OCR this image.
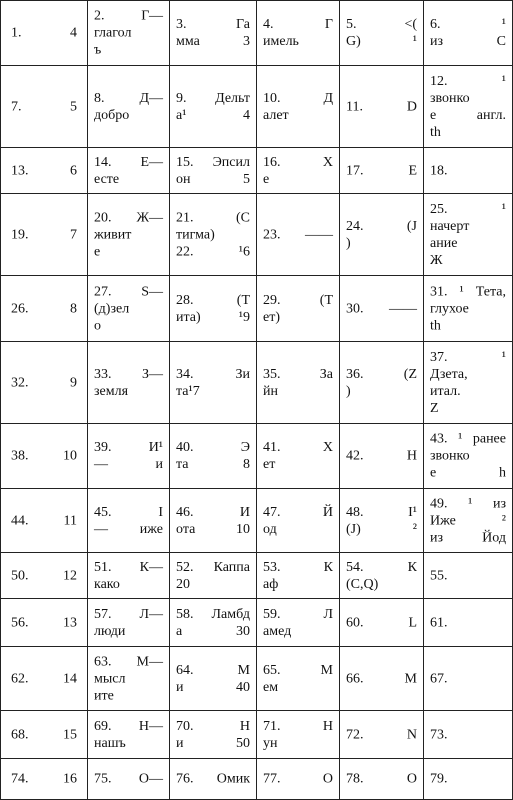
1. 4
2. Г—
глагол
ъ
3. Га
мма 3
4. Г
имель
5. <(
G) ¹
6. ¹
из С
7. 5
8. Д—
добро
9. Дельт
а¹ 4
10. Д
алет
11. D
12. ¹
звонко
е англ.
th
13. 6
14. Е—
есте
15. Эпсил
он 5
16. Х
е
17. Е 18.
19. 7
20. Ж—
живит
е
21. (С
тигма)
22. ¹6
23. ——
24. (J
)
25. ¹
начерт
ание
Ж
26. 8
27. S—
(д)зел
о
28. (Т
ита) ¹9
29. (Т
ет)
30. ——
31. ¹ Тета,
глухое
th
32. 9
33. З—
земля
34. Зи
та¹7
35. За
йн
36. (Z
)
37. ¹
Дзета,
итал.
Z
38. 10
39. И¹
— и
40. Э
та 8
41. Х
ет
42. Н
43. ¹ ранее
звонко
е h
44. 11
45. І
— иже
46. И
ота 10
47. Й
од
48. I¹
(J) ²
49. ¹ из
Иже ²
из Йод
50. 12
51. К—
како
52. Каппа
20
53. К
аф
54. К
(С,Q)
55.
56. 13
57. Л—
люди
58. Ламбд
а 30
59. Л
амед
60. L 61.
62. 14
63. М—
мысл
ите
64. М
и 40
65. М
ем
66. М 67.
68. 15
69. Н—
нашъ
70. Н
и 50
71. Н
ун
72. N 73.
74. 16	75. О— 76. Омик 77. О 78. О 79.
